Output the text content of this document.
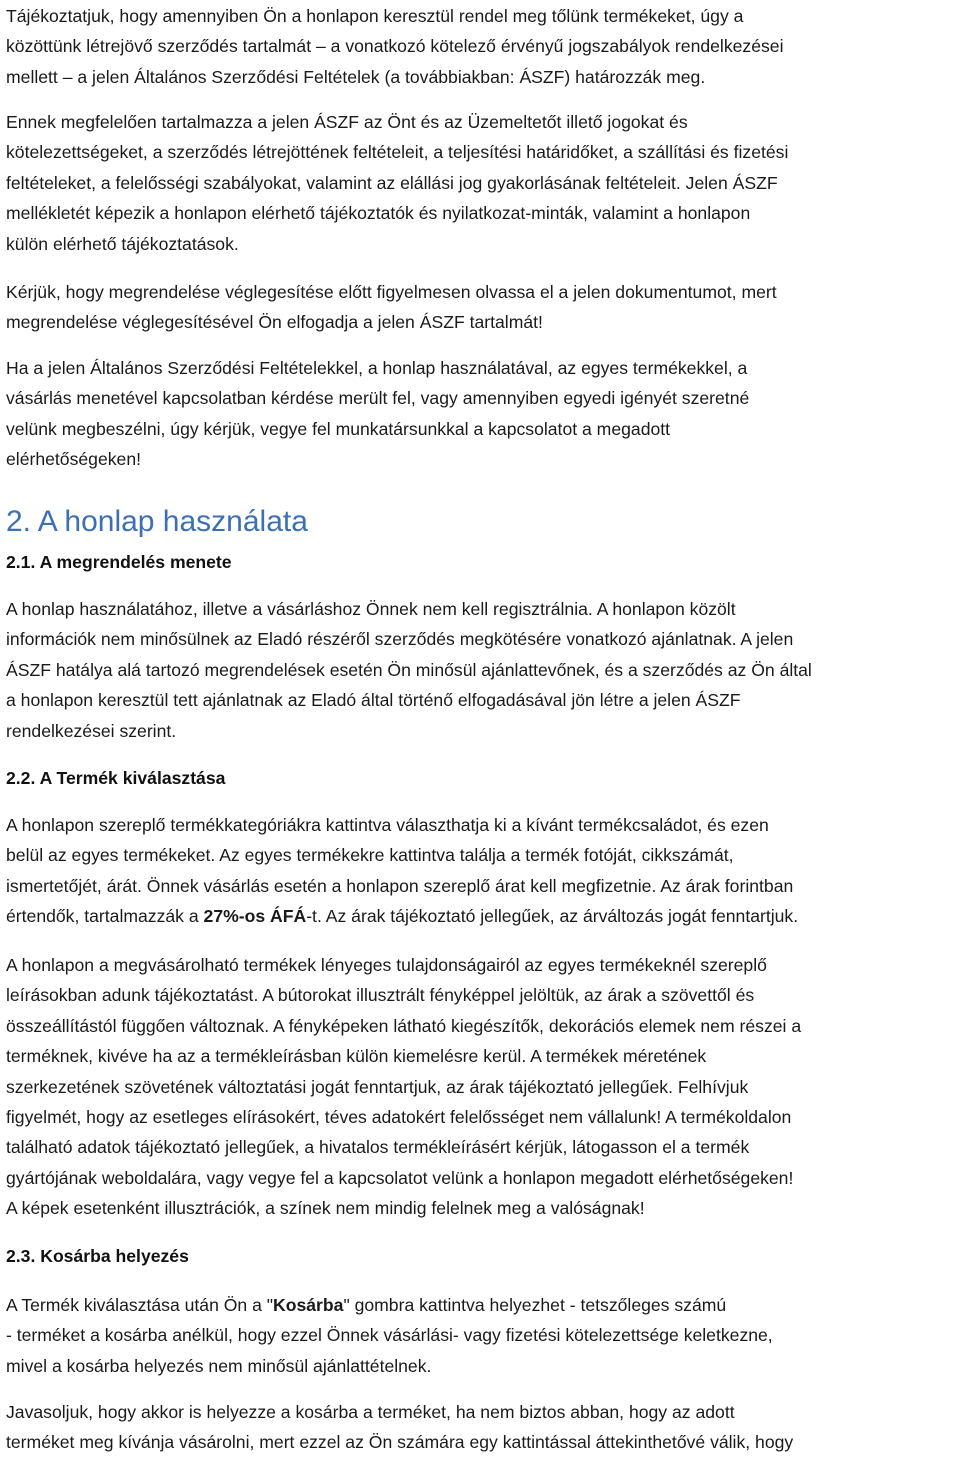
Tájékoztatjuk, hogy amennyiben Ön a honlapon keresztül rendel meg tőlünk termékeket, úgy a
közöttünk létrejövő szerződés tartalmát – a vonatkozó kötelező érvényű jogszabályok rendelkezései
mellett – a jelen Általános Szerződési Feltételek (a továbbiakban: ÁSZF) határozzák meg.

Ennek megfelelően tartalmazza a jelen ÁSZF az Önt és az Üzemeltetőt illető jogokat és
kötelezettségeket, a szerződés létrejöttének feltételeit, a teljesítési határidőket, a szállítási és fizetési
feltételeket, a felelősségi szabályokat, valamint az elállási jog gyakorlásának feltételeit. Jelen ÁSZF
mellékletét képezik a honlapon elérhető tájékoztatók és nyilatkozat-minták, valamint a honlapon
külön elérhető tájékoztatások.

Kérjük, hogy megrendelése véglegesítése előtt figyelmesen olvassa el a jelen dokumentumot, mert
megrendelése véglegesítésével Ön elfogadja a jelen ÁSZF tartalmát!

Ha a jelen Általános Szerződési Feltételekkel, a honlap használatával, az egyes termékekkel, a
vásárlás menetével kapcsolatban kérdése merült fel, vagy amennyiben egyedi igényét szeretné
velünk megbeszélni, úgy kérjük, vegye fel munkatársunkkal a kapcsolatot a megadott
elérhetőségeken!

2. A honlap használata
2.1. A megrendelés menete

A honlap használatához, illetve a vásárláshoz Önnek nem kell regisztrálnia. A honlapon közölt
információk nem minősülnek az Eladó részéről szerződés megkötésére vonatkozó ajánlatnak. A jelen
ÁSZF hatálya alá tartozó megrendelések esetén Ön minősül ajánlattevőnek, és a szerződés az Ön által
a honlapon keresztül tett ajánlatnak az Eladó által történő elfogadásával jön létre a jelen ÁSZF
rendelkezései szerint.

2.2. A Termék kiválasztása

A honlapon szereplő termékkategóriákra kattintva választhatja ki a kívánt termékcsaládot, és ezen
belül az egyes termékeket. Az egyes termékekre kattintva találja a termék fotóját, cikkszámát,
ismertetőjét, árát. Önnek vásárlás esetén a honlapon szereplő árat kell megfizetnie. Az árak forintban
értendők, tartalmazzák a 27%-os ÁFÁ-t. Az árak tájékoztató jellegűek, az árváltozás jogát fenntartjuk.

A honlapon a megvásárolható termékek lényeges tulajdonságairól az egyes termékeknél szereplő
leírásokban adunk tájékoztatást. A bútorokat illusztrált fényképpel jelöltük, az árak a szövettől és
összeállítástól függően változnak. A fényképeken látható kiegészítők, dekorációs elemek nem részei a
terméknek, kivéve ha az a termékleírásban külön kiemelésre kerül. A termékek méretének
szerkezetének szövetének változtatási jogát fenntartjuk, az árak tájékoztató jellegűek. Felhívjuk
figyelmét, hogy az esetleges elírásokért, téves adatokért felelősséget nem vállalunk! A termékoldalon
található adatok tájékoztató jellegűek, a hivatalos termékleírásért kérjük, látogasson el a termék
gyártójának weboldalára, vagy vegye fel a kapcsolatot velünk a honlapon megadott elérhetőségeken!
A képek esetenként illusztrációk, a színek nem mindig felelnek meg a valóságnak!

2.3. Kosárba helyezés

A Termék kiválasztása után Ön a "Kosárba" gombra kattintva helyezhet - tetszőleges számú
- terméket a kosárba anélkül, hogy ezzel Önnek vásárlási- vagy fizetési kötelezettsége keletkezne,
mivel a kosárba helyezés nem minősül ajánlattételnek.

Javasoljuk, hogy akkor is helyezze a kosárba a terméket, ha nem biztos abban, hogy az adott
terméket meg kívánja vásárolni, mert ezzel az Ön számára egy kattintással áttekinthetővé válik, hogy
